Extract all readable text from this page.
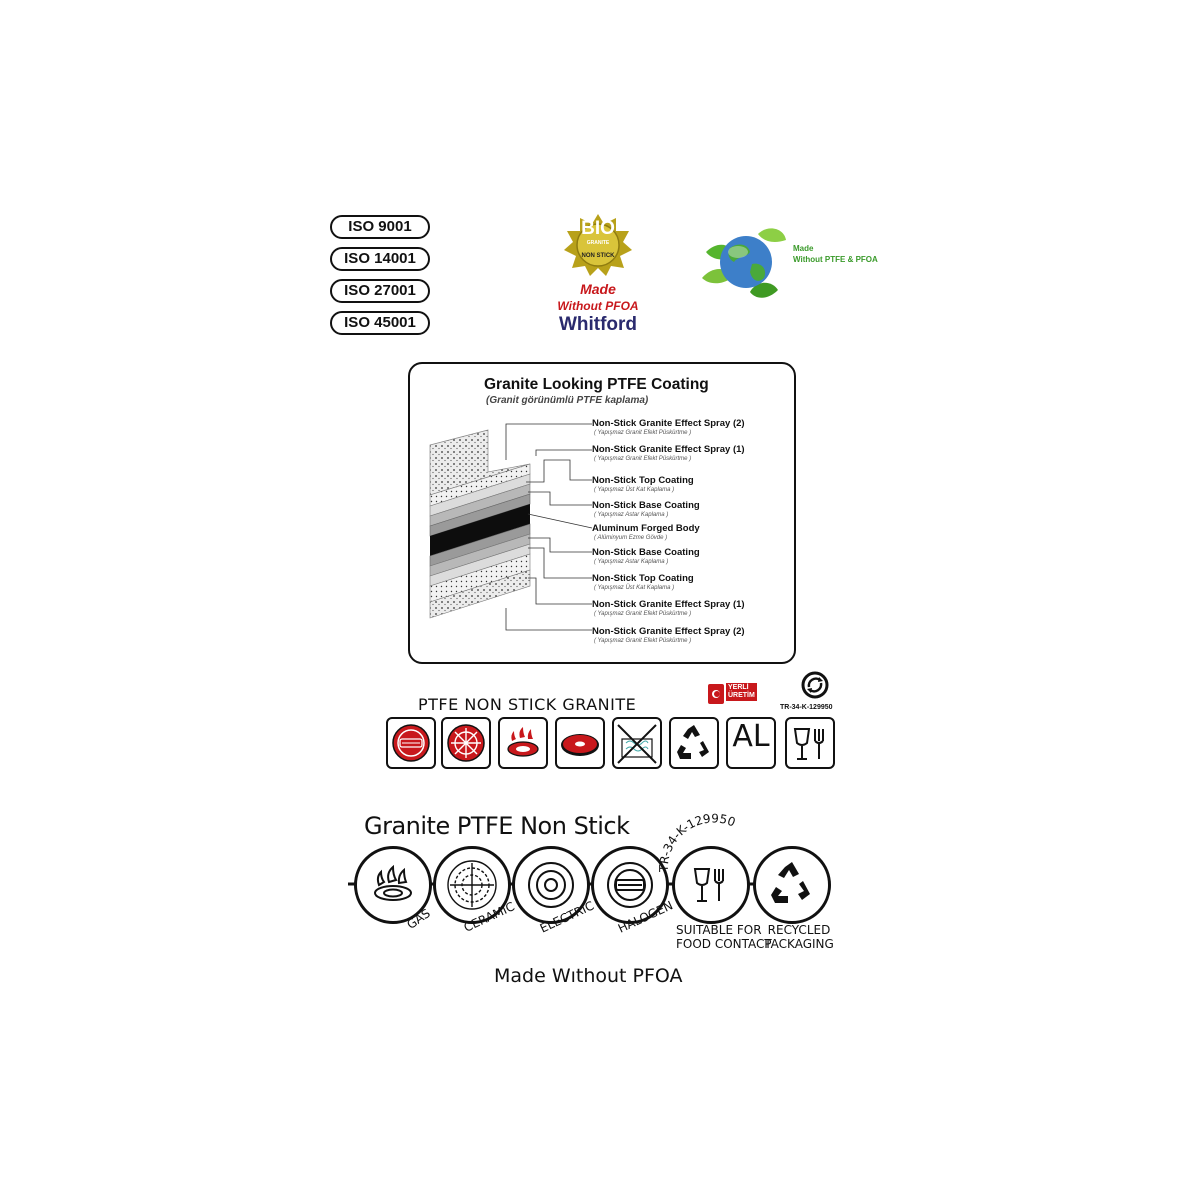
ISO 9001
ISO 14001
ISO 27001
ISO 45001
BIO
GRANITE
NON STICK
Made
Without PFOA
Whitford
Made
Without PTFE & PFOA
Granite Looking PTFE Coating
(Granit görünümlü PTFE kaplama)
Non-Stick Granite Effect Spray (2)
( Yapışmaz Granit Efekt Püskürtme )
Non-Stick Granite Effect Spray (1)
( Yapışmaz Granit Efekt Püskürtme )
Non-Stick Top Coating
( Yapışmaz Üst Kat Kaplama )
Non-Stick Base Coating
( Yapışmaz Astar Kaplama )
Aluminum Forged Body
( Alüminyum Ezme Gövde )
Non-Stick Base Coating
( Yapışmaz Astar Kaplama )
Non-Stick Top Coating
( Yapışmaz Üst Kat Kaplama )
Non-Stick Granite Effect Spray (1)
( Yapışmaz Granit Efekt Püskürtme )
Non-Stick Granite Effect Spray (2)
( Yapışmaz Granit Efekt Püskürtme )
YERLİ
ÜRETİM
TR-34-K-129950
PTFE NON STICK GRANITE
AL
Granite PTFE Non Stick
TR-34-K-129950
GAS CERAMIC ELECTRIC HALOGEN SUITABLE FOR
FOOD CONTACT
RECYCLED
PACKAGING
Made Wıthout PFOA
